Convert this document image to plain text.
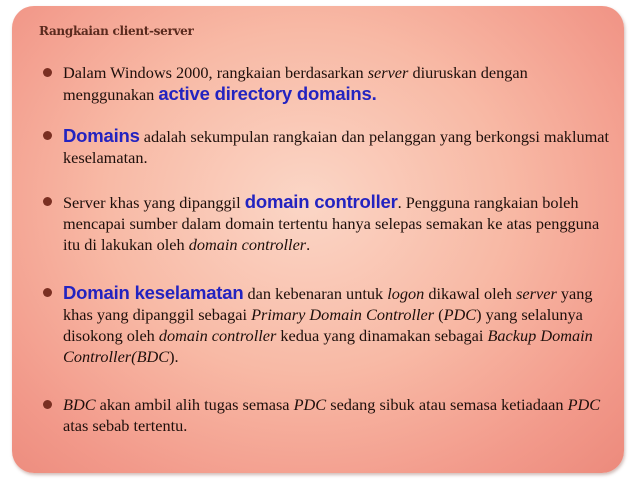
Rangkaian client-server

Dalam Windows 2000, rangkaian berdasarkan server diuruskan dengan menggunakan active directory domains.

Domains adalah sekumpulan rangkaian dan pelanggan yang berkongsi maklumat keselamatan.

Server khas yang dipanggil domain controller. Pengguna rangkaian boleh mencapai sumber dalam domain tertentu hanya selepas semakan ke atas pengguna itu di lakukan oleh domain controller.

Domain keselamatan dan kebenaran untuk logon dikawal oleh server yang khas yang dipanggil sebagai Primary Domain Controller (PDC) yang selalunya disokong oleh domain controller kedua yang dinamakan sebagai Backup Domain Controller(BDC).

BDC akan ambil alih tugas semasa PDC sedang sibuk atau semasa ketiadaan PDC atas sebab tertentu.
